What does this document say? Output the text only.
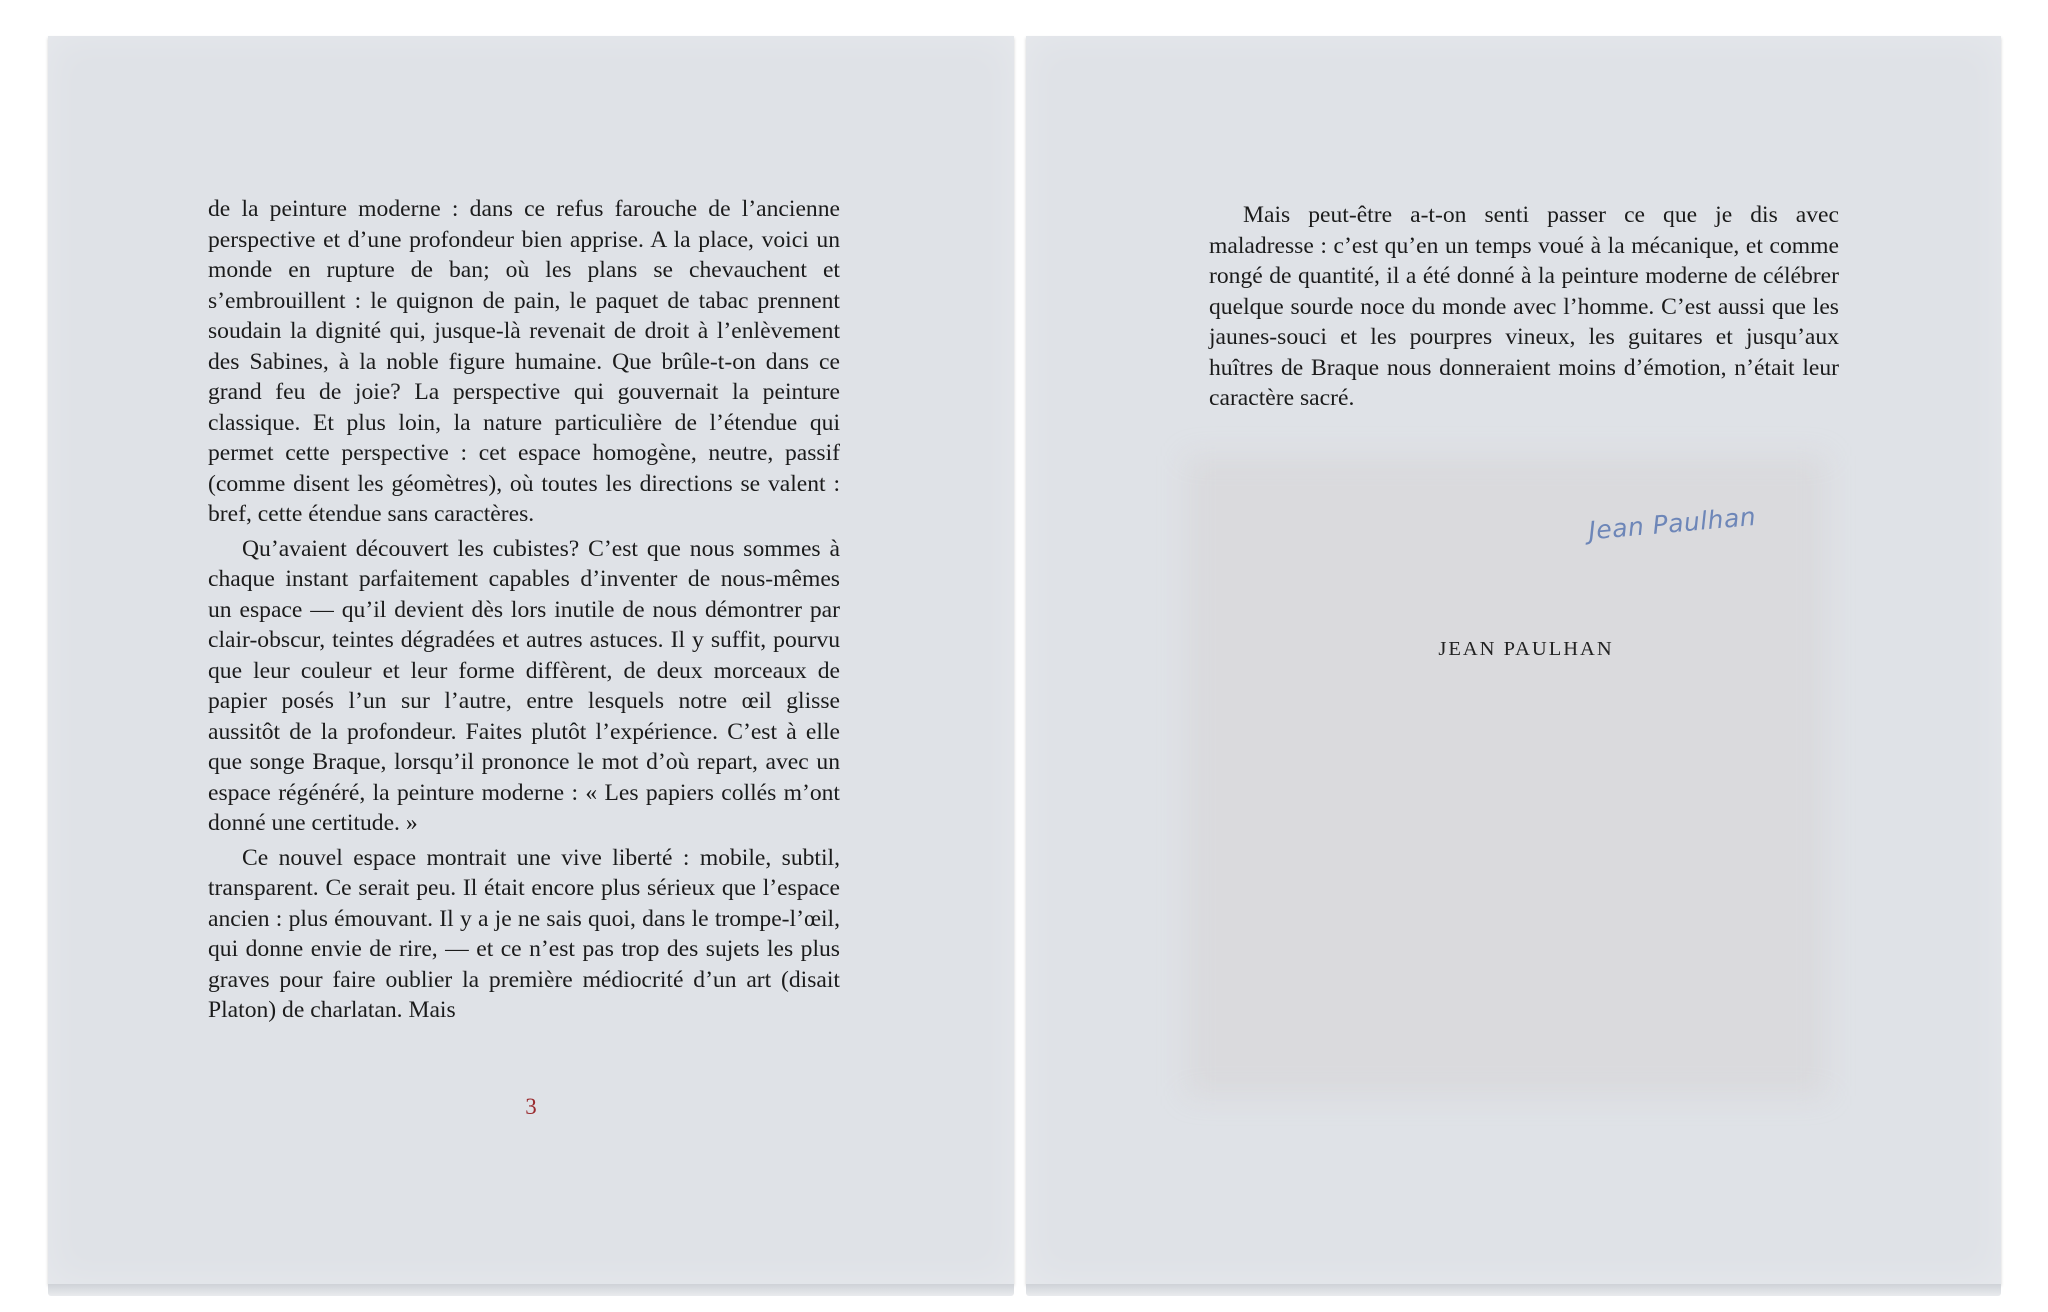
de la peinture moderne : dans ce refus farouche de l’ancienne perspective et d’une profondeur bien apprise. A la place, voici un monde en rupture de ban; où les plans se chevauchent et s’embrouillent : le quignon de pain, le paquet de tabac prennent soudain la dignité qui, jusque-là revenait de droit à l’enlèvement des Sabines, à la noble figure humaine. Que brûle-t-on dans ce grand feu de joie? La perspective qui gouvernait la peinture classique. Et plus loin, la nature particulière de l’étendue qui permet cette perspective : cet espace homogène, neutre, passif (comme disent les géomètres), où toutes les directions se valent : bref, cette étendue sans caractères.

Qu’avaient découvert les cubistes? C’est que nous sommes à chaque instant parfaitement capables d’inventer de nous-mêmes un espace — qu’il devient dès lors inutile de nous démontrer par clair-obscur, teintes dégradées et autres astuces. Il y suffit, pourvu que leur couleur et leur forme diffèrent, de deux morceaux de papier posés l’un sur l’autre, entre lesquels notre œil glisse aussitôt de la profondeur. Faites plutôt l’expérience. C’est à elle que songe Braque, lorsqu’il prononce le mot d’où repart, avec un espace régénéré, la peinture moderne : « Les papiers collés m’ont donné une certitude. »

Ce nouvel espace montrait une vive liberté : mobile, subtil, transparent. Ce serait peu. Il était encore plus sérieux que l’espace ancien : plus émouvant. Il y a je ne sais quoi, dans le trompe-l’œil, qui donne envie de rire, — et ce n’est pas trop des sujets les plus graves pour faire oublier la première médiocrité d’un art (disait Platon) de charlatan. Mais

3

Mais peut-être a-t-on senti passer ce que je dis avec maladresse : c’est qu’en un temps voué à la mécanique, et comme rongé de quantité, il a été donné à la peinture moderne de célébrer quelque sourde noce du monde avec l’homme. C’est aussi que les jaunes-souci et les pourpres vineux, les guitares et jusqu’aux huîtres de Braque nous donneraient moins d’émotion, n’était leur caractère sacré.

Jean Paulhan
JEAN PAULHAN
